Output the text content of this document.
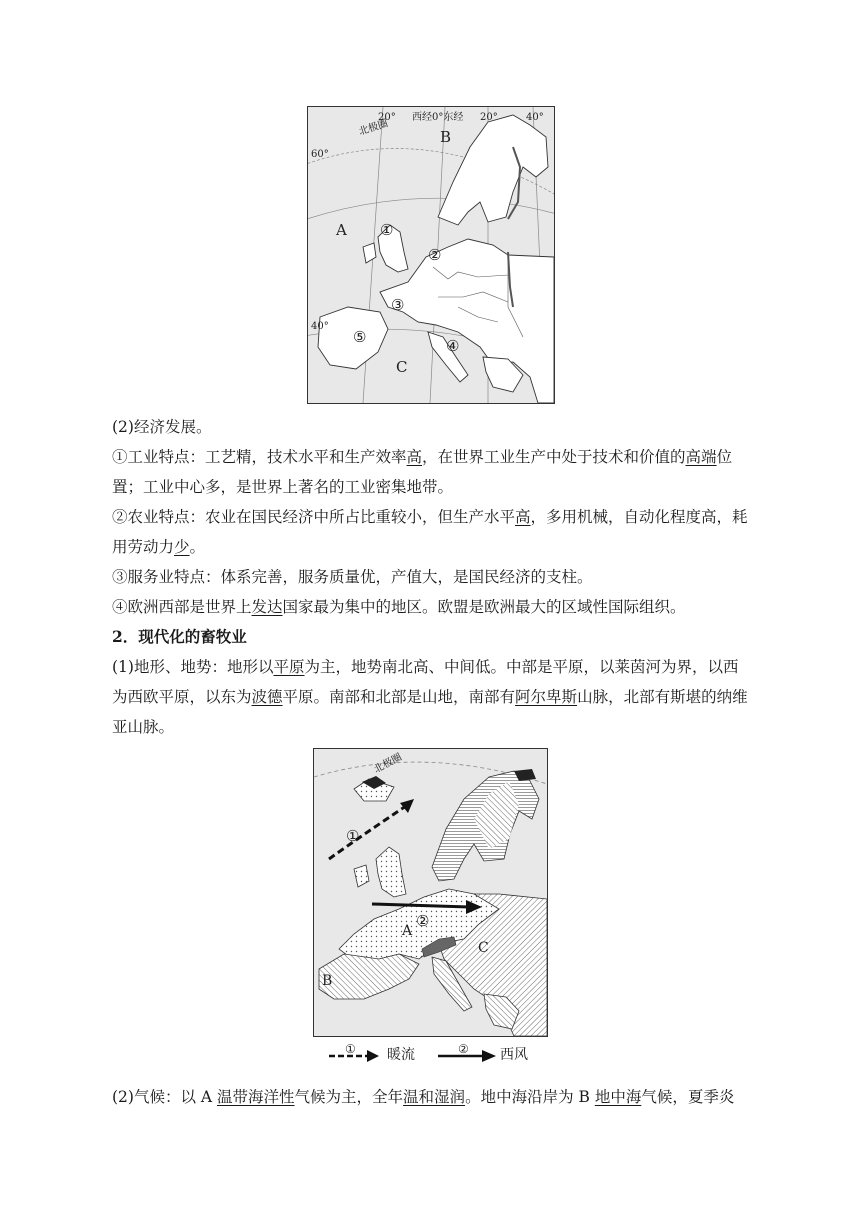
20° 西经0°东经 20°	40°
60°
40°
北极圈
A
B
C
①
②
③
④
⑤

(2)经济发展。

①工业特点：工艺精，技术水平和生产效率高，在世界工业生产中处于技术和价值的高端位置；工业中心多，是世界上著名的工业密集地带。

②农业特点：农业在国民经济中所占比重较小，但生产水平高，多用机械，自动化程度高，耗用劳动力少。

③服务业特点：体系完善，服务质量优，产值大，是国民经济的支柱。

④欧洲西部是世界上发达国家最为集中的地区。欧盟是欧洲最大的区域性国际组织。

2．现代化的畜牧业

(1)地形、地势：地形以平原为主，地势南北高、中间低。中部是平原，以莱茵河为界，以西为西欧平原，以东为波德平原。南部和北部是山地，南部有阿尔卑斯山脉，北部有斯堪的纳维亚山脉。

北极圈
①
②
A
B
C
① 暖流	② 西风

(2)气候：以 A 温带海洋性气候为主，全年温和湿润。地中海沿岸为 B 地中海气候，夏季炎
